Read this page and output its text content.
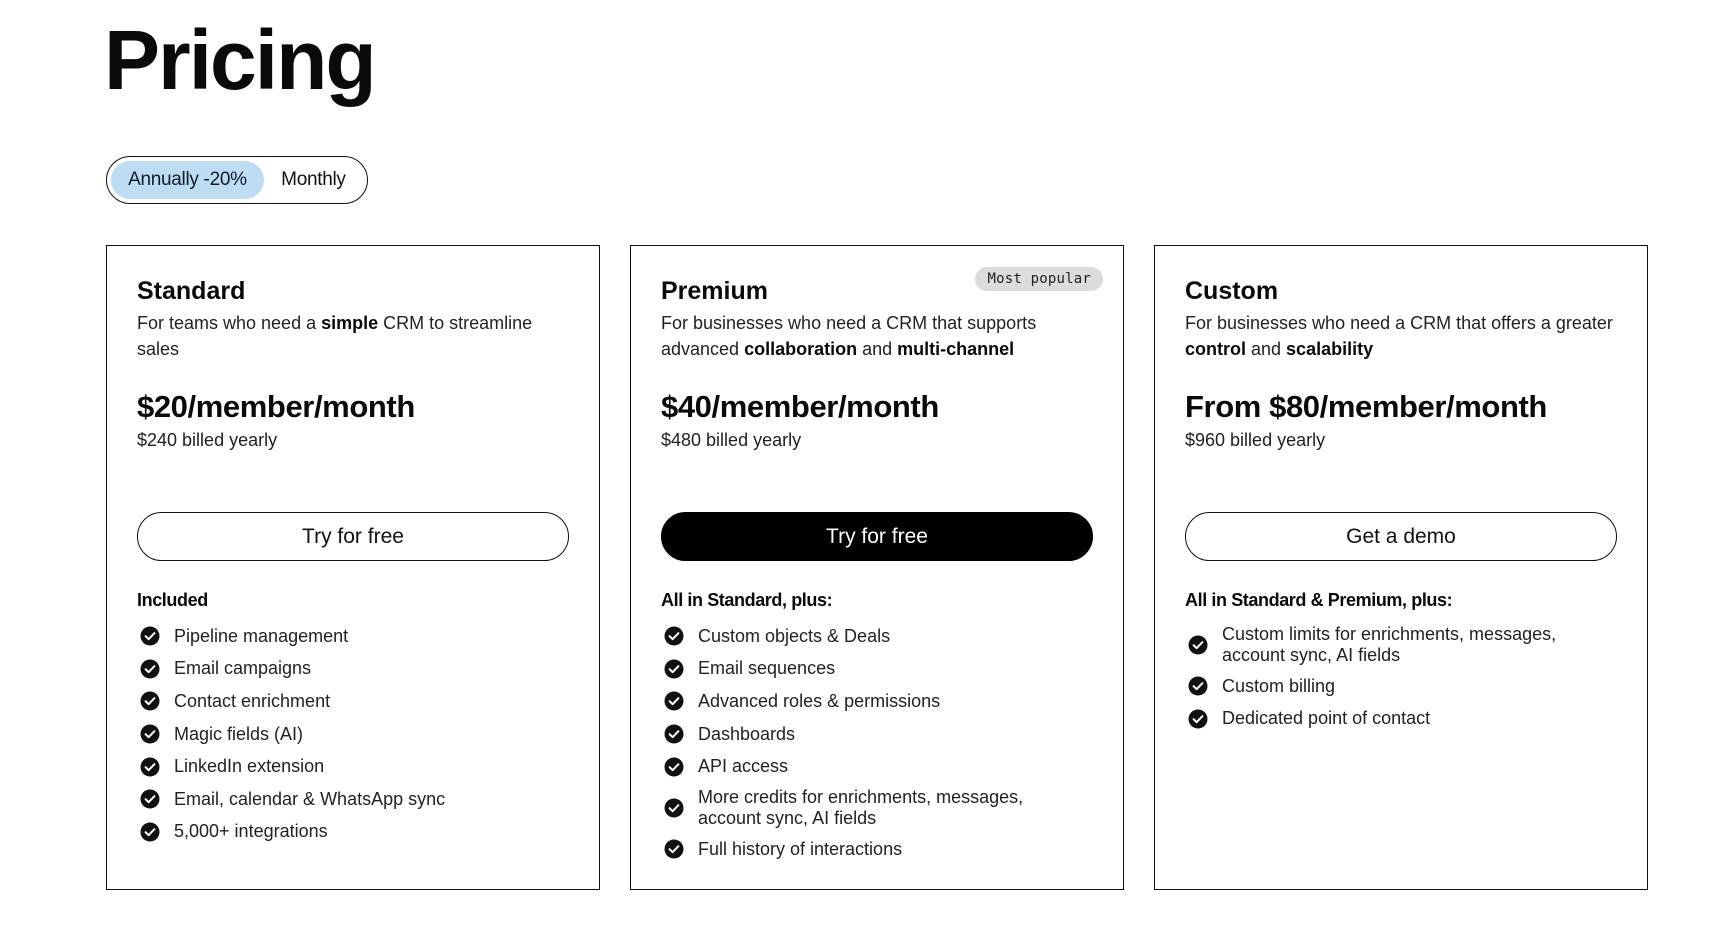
Pricing
Annually -20%	Monthly
Standard
For teams who need a simple CRM to streamline sales
$20/member/month
$240 billed yearly
Try for free
Included
Pipeline management
Email campaigns
Contact enrichment
Magic fields (AI)
LinkedIn extension
Email, calendar & WhatsApp sync
5,000+ integrations
Most popular
Premium
For businesses who need a CRM that supports advanced collaboration and multi-channel
$40/member/month
$480 billed yearly
Try for free
All in Standard, plus:
Custom objects & Deals
Email sequences
Advanced roles & permissions
Dashboards
API access
More credits for enrichments, messages, account sync, AI fields
Full history of interactions
Custom
For businesses who need a CRM that offers a greater control and scalability
From $80/member/month
$960 billed yearly
Get a demo
All in Standard & Premium, plus:
Custom limits for enrichments, messages, account sync, AI fields
Custom billing
Dedicated point of contact
